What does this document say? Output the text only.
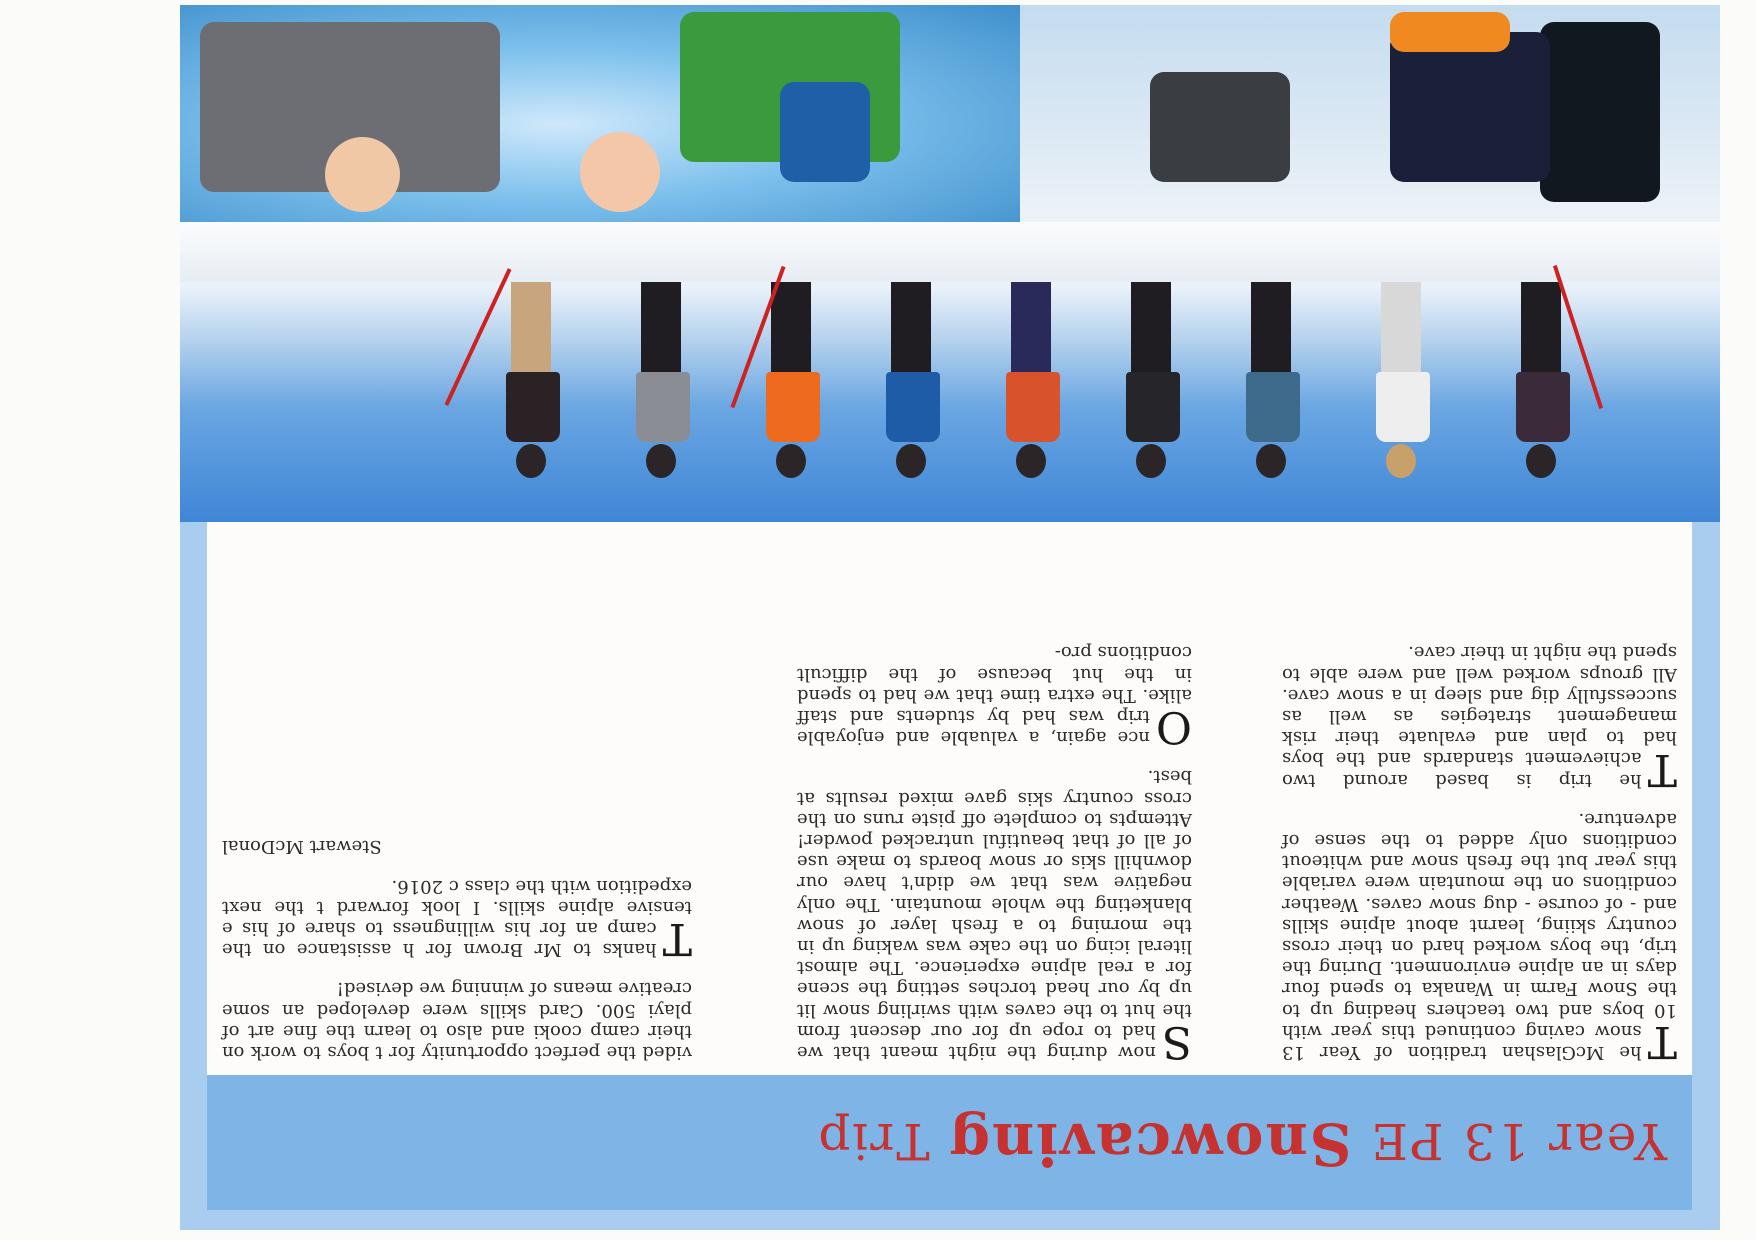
Year 13 PE Snowcaving Trip

T
he McGlashan tradition of Year 13 snow caving continued this year with 10 boys and two teachers heading up to the Snow Farm in Wanaka to spend four days in an alpine environment. During the trip, the boys worked hard on their cross country skiing, learnt about alpine skills and - of course - dug snow caves. Weather conditions on the mountain were variable this year but the fresh snow and whiteout conditions only added to the sense of adventure.

T
he trip is based around two achievement standards and the boys had to plan and evaluate their risk management strategies as well as successfully dig and sleep in a snow cave. All groups worked well and were able to spend the night in their cave.

S
now during the night meant that we had to rope up for our descent from the hut to the caves with swirling snow lit up by our head torches setting the scene for a real alpine experience. The almost literal icing on the cake was waking up in the morning to a fresh layer of snow blanketing the whole mountain. The only negative was that we didn't have our downhill skis or snow boards to make use of all of that beautiful untracked powder! Attempts to complete off piste runs on the cross country skis gave mixed results at best.

O
nce again, a valuable and enjoyable trip was had by students and staff alike. The extra time that we had to spend in the hut because of the difficult conditions pro-

vided the perfect opportunity for t boys to work on their camp cooki and also to learn the fine art of playi 500. Card skills were developed an some creative means of winning we devised!

T
hanks to Mr Brown for h assistance on the camp an for his willingness to share of his e tensive alpine skills. I look forward t the next expedition with the class c 2016.

Stewart McDonal
